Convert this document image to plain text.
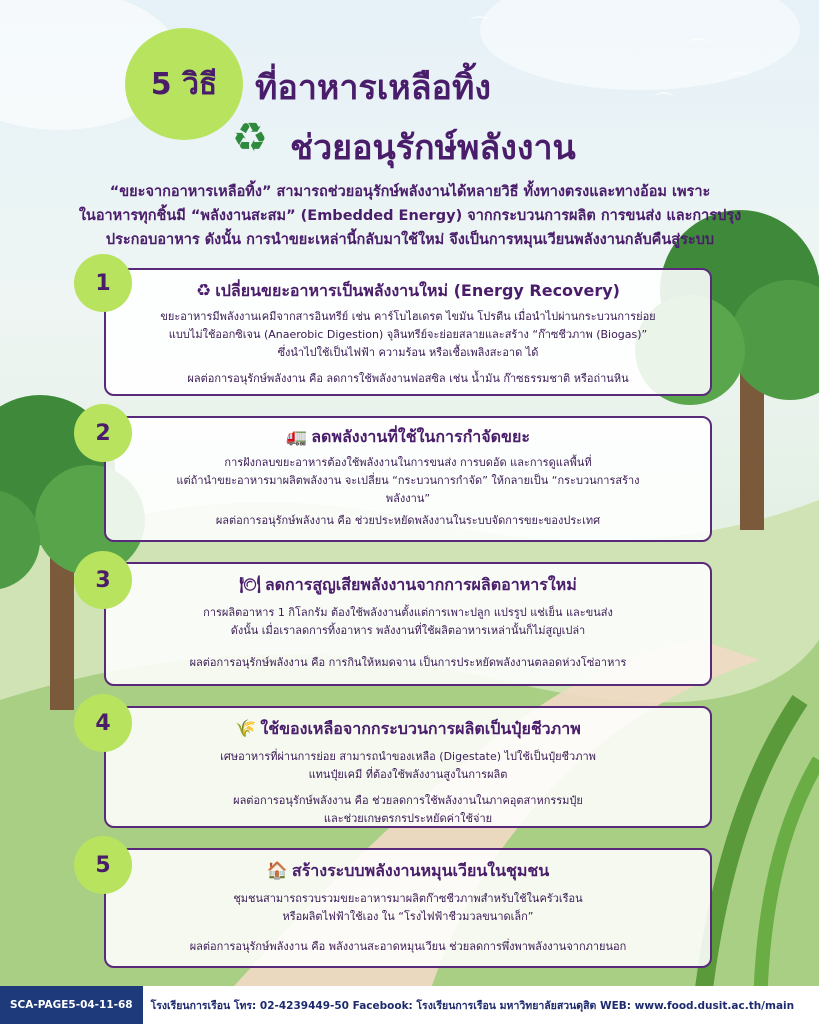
⌒
⌒
⌒
⌒
5 วิธี	ที่อาหารเหลือทิ้ง
♻ ช่วยอนุรักษ์พลังงาน
“ขยะจากอาหารเหลือทิ้ง” สามารถช่วยอนุรักษ์พลังงานได้หลายวิธี ทั้งทางตรงและทางอ้อม เพราะ
ในอาหารทุกชิ้นมี “พลังงานสะสม” (Embedded Energy) จากกระบวนการผลิต การขนส่ง และการปรุง
ประกอบอาหาร ดังนั้น การนำขยะเหล่านี้กลับมาใช้ใหม่ จึงเป็นการหมุนเวียนพลังงานกลับคืนสู่ระบบ
1	♻ เปลี่ยนขยะอาหารเป็นพลังงานใหม่ (Energy Recovery)

ขยะอาหารมีพลังงานเคมีจากสารอินทรีย์ เช่น คาร์โบไฮเดรต ไขมัน โปรตีน เมื่อนำไปผ่านกระบวนการย่อย

แบบไม่ใช้ออกซิเจน (Anaerobic Digestion) จุลินทรีย์จะย่อยสลายและสร้าง “ก๊าซชีวภาพ (Biogas)”

ซึ่งนำไปใช้เป็นไฟฟ้า ความร้อน หรือเชื้อเพลิงสะอาด ได้

ผลต่อการอนุรักษ์พลังงาน คือ ลดการใช้พลังงานฟอสซิล เช่น น้ำมัน ก๊าซธรรมชาติ หรือถ่านหิน

2	🚛 ลดพลังงานที่ใช้ในการกำจัดขยะ

การฝังกลบขยะอาหารต้องใช้พลังงานในการขนส่ง การบดอัด และการดูแลพื้นที่

แต่ถ้านำขยะอาหารมาผลิตพลังงาน จะเปลี่ยน “กระบวนการกำจัด” ให้กลายเป็น “กระบวนการสร้าง

พลังงาน”

ผลต่อการอนุรักษ์พลังงาน คือ ช่วยประหยัดพลังงานในระบบจัดการขยะของประเทศ

3	🍽 ลดการสูญเสียพลังงานจากการผลิตอาหารใหม่

การผลิตอาหาร 1 กิโลกรัม ต้องใช้พลังงานตั้งแต่การเพาะปลูก แปรรูป แช่เย็น และขนส่ง

ดังนั้น เมื่อเราลดการทิ้งอาหาร พลังงานที่ใช้ผลิตอาหารเหล่านั้นก็ไม่สูญเปล่า

ผลต่อการอนุรักษ์พลังงาน คือ การกินให้หมดจาน เป็นการประหยัดพลังงานตลอดห่วงโซ่อาหาร

4	🌾 ใช้ของเหลือจากกระบวนการผลิตเป็นปุ๋ยชีวภาพ

เศษอาหารที่ผ่านการย่อย สามารถนำของเหลือ (Digestate) ไปใช้เป็นปุ๋ยชีวภาพ

แทนปุ๋ยเคมี ที่ต้องใช้พลังงานสูงในการผลิต

ผลต่อการอนุรักษ์พลังงาน คือ ช่วยลดการใช้พลังงานในภาคอุตสาหกรรมปุ๋ย

และช่วยเกษตรกรประหยัดค่าใช้จ่าย

5	🏠 สร้างระบบพลังงานหมุนเวียนในชุมชน

ชุมชนสามารถรวบรวมขยะอาหารมาผลิตก๊าซชีวภาพสำหรับใช้ในครัวเรือน

หรือผลิตไฟฟ้าใช้เอง ใน “โรงไฟฟ้าชีวมวลขนาดเล็ก”

ผลต่อการอนุรักษ์พลังงาน คือ พลังงานสะอาดหมุนเวียน ช่วยลดการพึ่งพาพลังงานจากภายนอก

SCA-PAGE5-04-11-68	โรงเรียนการเรือน โทร: 02-4239449-50 Facebook: โรงเรียนการเรือน มหาวิทยาลัยสวนดุสิต WEB: www.food.dusit.ac.th/main
